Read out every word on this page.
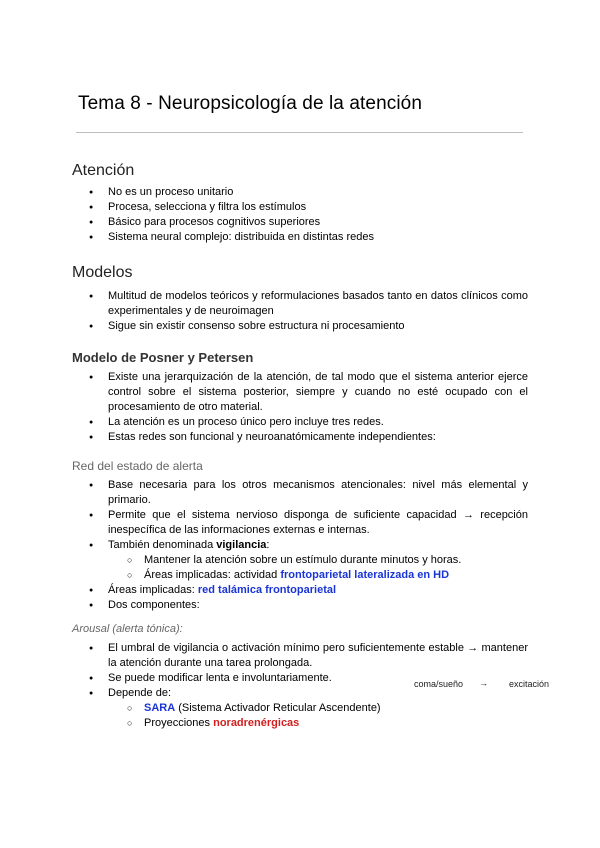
Tema 8 - Neuropsicología de la atención
Atención
● No es un proceso unitario
● Procesa, selecciona y filtra los estímulos
● Básico para procesos cognitivos superiores
● Sistema neural complejo: distribuida en distintas redes
Modelos
● Multitud de modelos teóricos y reformulaciones basados tanto en datos clínicos como experimentales y de neuroimagen
● Sigue sin existir consenso sobre estructura ni procesamiento
Modelo de Posner y Petersen
● Existe una jerarquización de la atención, de tal modo que el sistema anterior ejerce control sobre el sistema posterior, siempre y cuando no esté ocupado con el procesamiento de otro material.
● La atención es un proceso único pero incluye tres redes.
● Estas redes son funcional y neuroanatómicamente independientes:
Red del estado de alerta
● Base necesaria para los otros mecanismos atencionales: nivel más elemental y primario.
● Permite que el sistema nervioso disponga de suficiente capacidad → recepción inespecífica de las informaciones externas e internas.
● También denominada vigilancia:
○ Mantener la atención sobre un estímulo durante minutos y horas.
○ Áreas implicadas: actividad frontoparietal lateralizada en HD
● Áreas implicadas: red talámica frontoparietal
● Dos componentes:
Arousal (alerta tónica):
● El umbral de vigilancia o activación mínimo pero suficientemente estable → mantener la atención durante una tarea prolongada.
● Se puede modificar lenta e involuntariamente.
● Depende de:
○ SARA (Sistema Activador Reticular Ascendente)
○ Proyecciones noradrenérgicas
coma/sueño → excitación
